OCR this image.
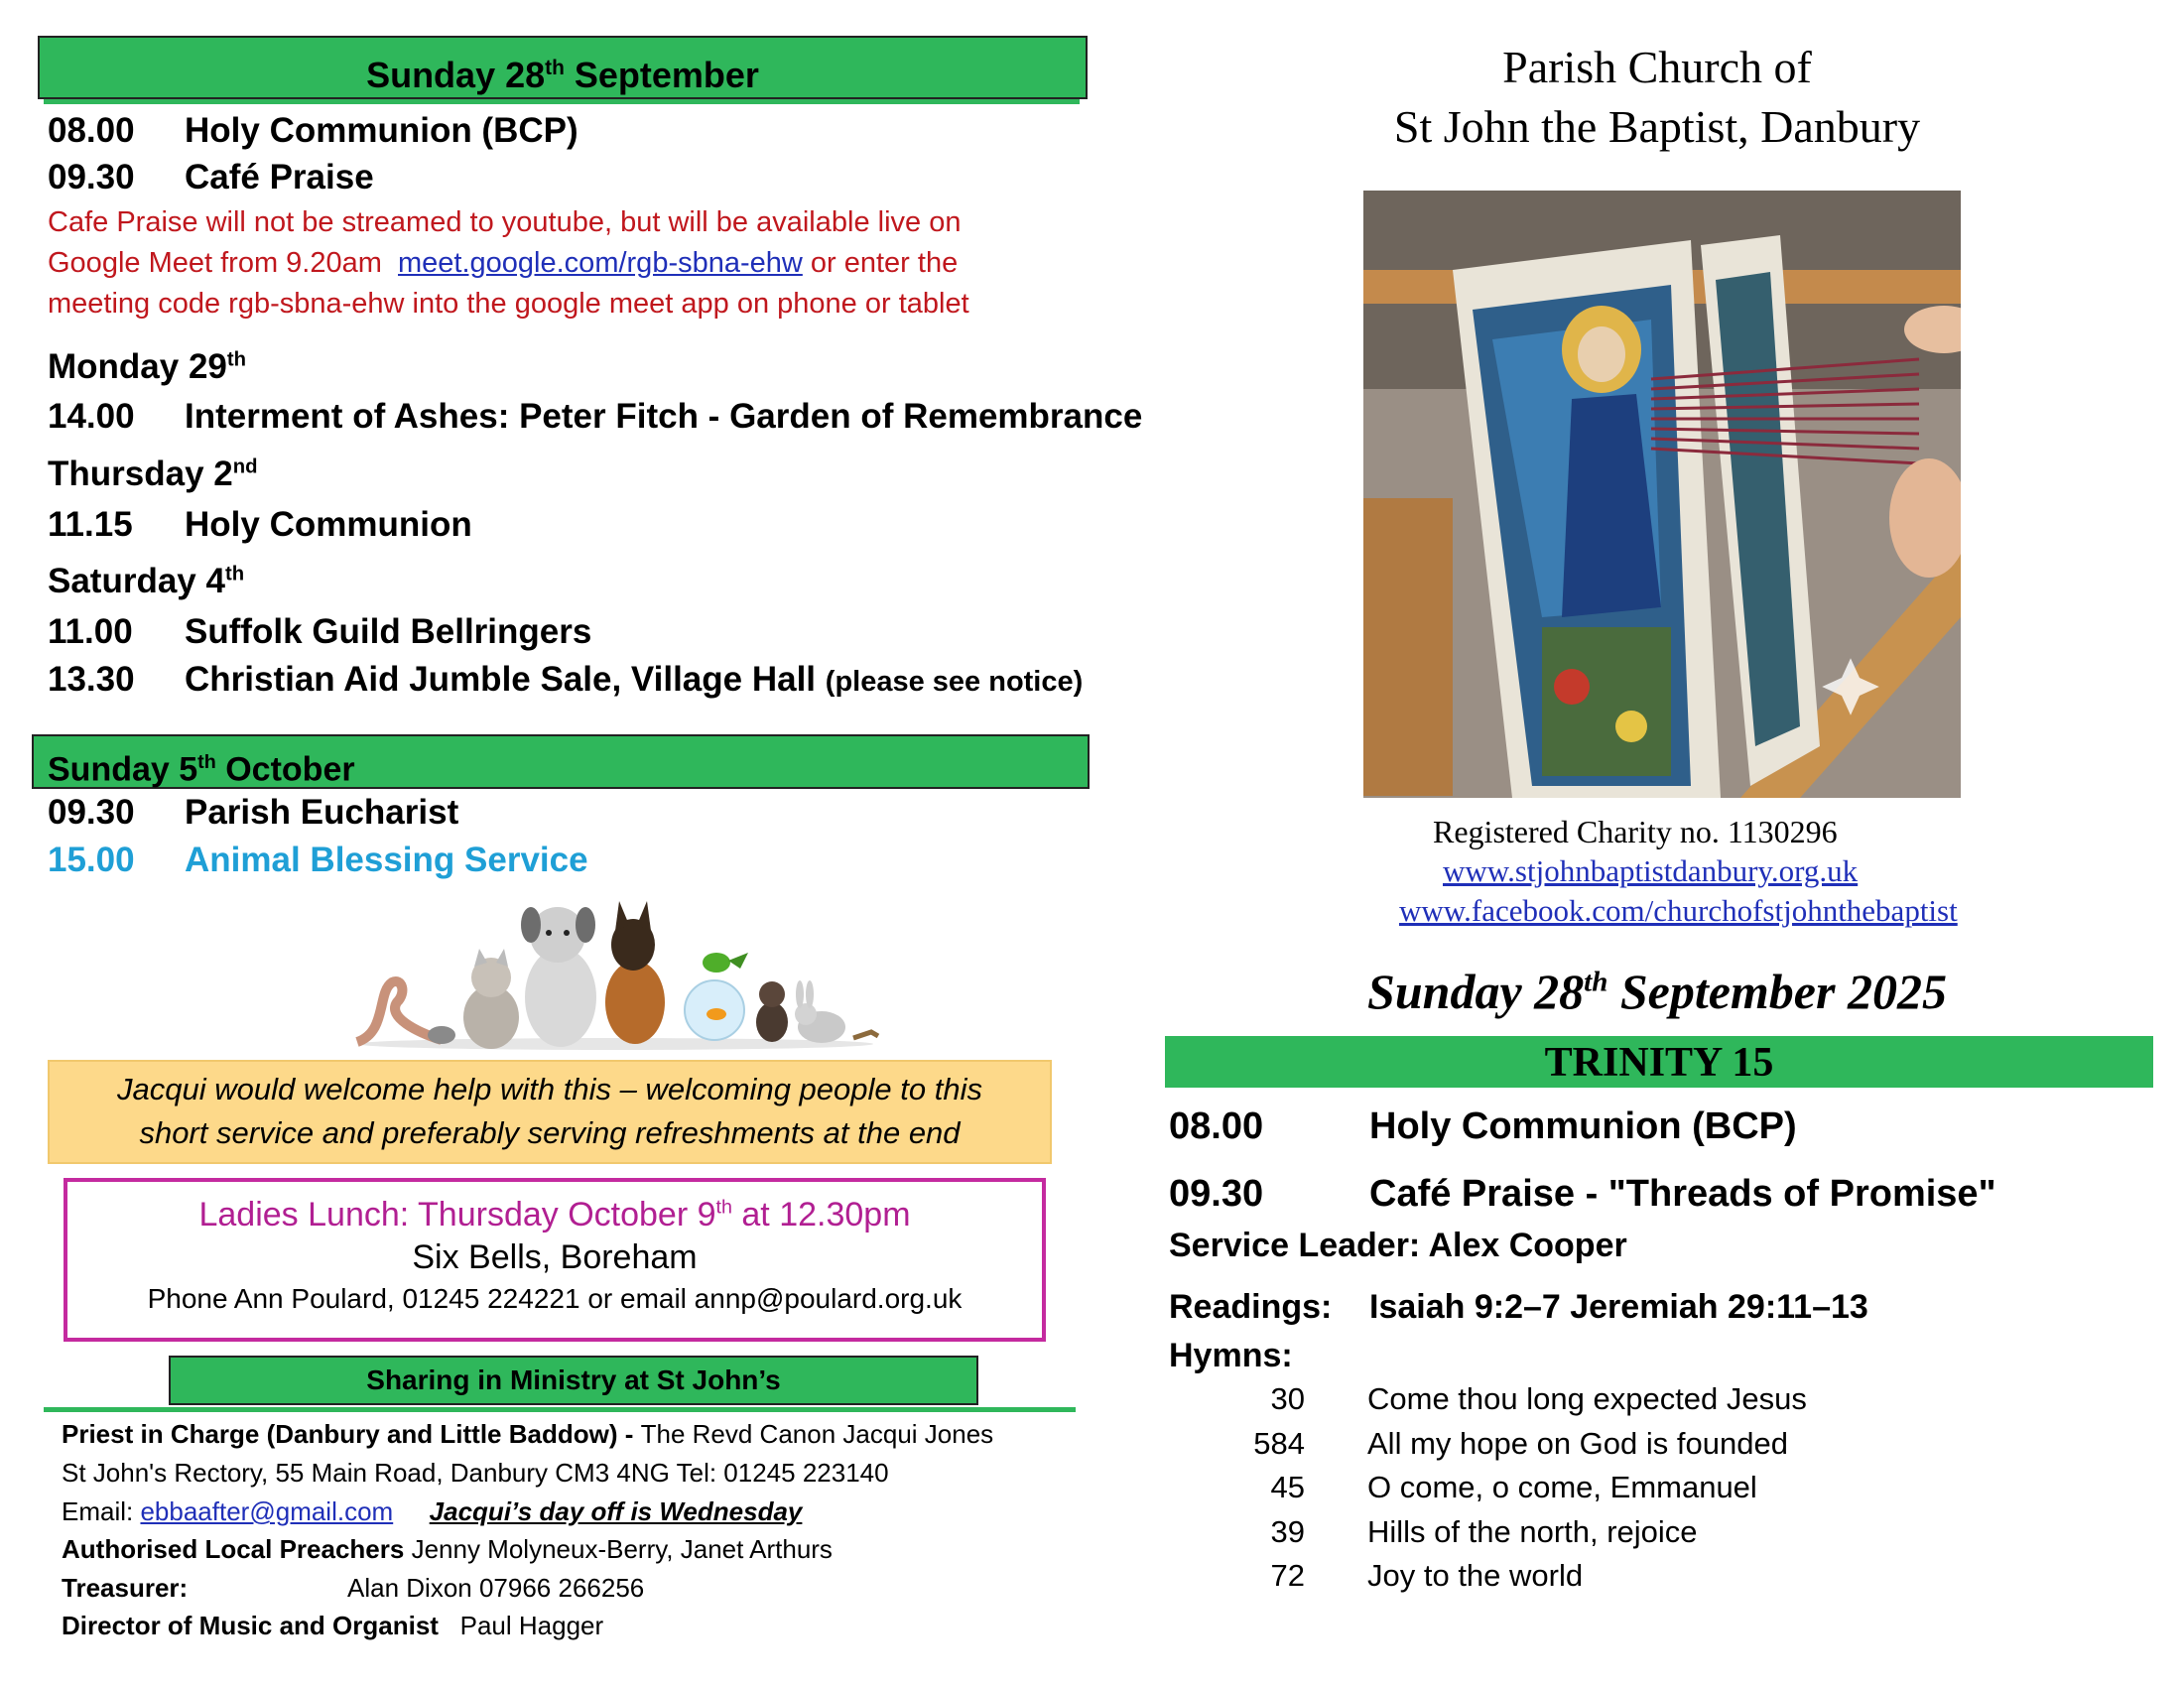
Sunday 28th September
08.00 Holy Communion (BCP)
09.30 Café Praise
Cafe Praise will not be streamed to youtube, but will be available live on
Google Meet from 9.20am meet.google.com/rgb-sbna-ehw or enter the
meeting code rgb-sbna-ehw into the google meet app on phone or tablet
Monday 29th
14.00 Interment of Ashes: Peter Fitch - Garden of Remembrance
Thursday 2nd
11.15 Holy Communion
Saturday 4th
11.00 Suffolk Guild Bellringers
13.30 Christian Aid Jumble Sale, Village Hall (please see notice)
Sunday 5th October
09.30 Parish Eucharist
15.00 Animal Blessing Service
Jacqui would welcome help with this – welcoming people to this
short service and preferably serving refreshments at the end
Ladies Lunch: Thursday October 9th at 12.30pm
Six Bells, Boreham
Phone Ann Poulard, 01245 224221 or email annp@poulard.org.uk
Sharing in Ministry at St John’s
Priest in Charge (Danbury and Little Baddow) - The Revd Canon Jacqui Jones
St John's Rectory, 55 Main Road, Danbury CM3 4NG Tel: 01245 223140
Email: ebbaafter@gmail.com Jacqui’s day off is Wednesday
Authorised Local Preachers Jenny Molyneux-Berry, Janet Arthurs
Treasurer:	Alan Dixon 07966 266256
Director of Music and Organist Paul Hagger
Parish Church of
St John the Baptist, Danbury
Registered Charity no. 1130296
www.stjohnbaptistdanbury.org.uk
www.facebook.com/churchofstjohnthebaptist
Sunday 28th September 2025
TRINITY 15
08.00	Holy Communion (BCP)
09.30	Café Praise - "Threads of Promise"
Service Leader: Alex Cooper
Readings: Isaiah 9:2–7 Jeremiah 29:11–13
Hymns:
30 Come thou long expected Jesus
584 All my hope on God is founded
45 O come, o come, Emmanuel
39 Hills of the north, rejoice
72 Joy to the world
